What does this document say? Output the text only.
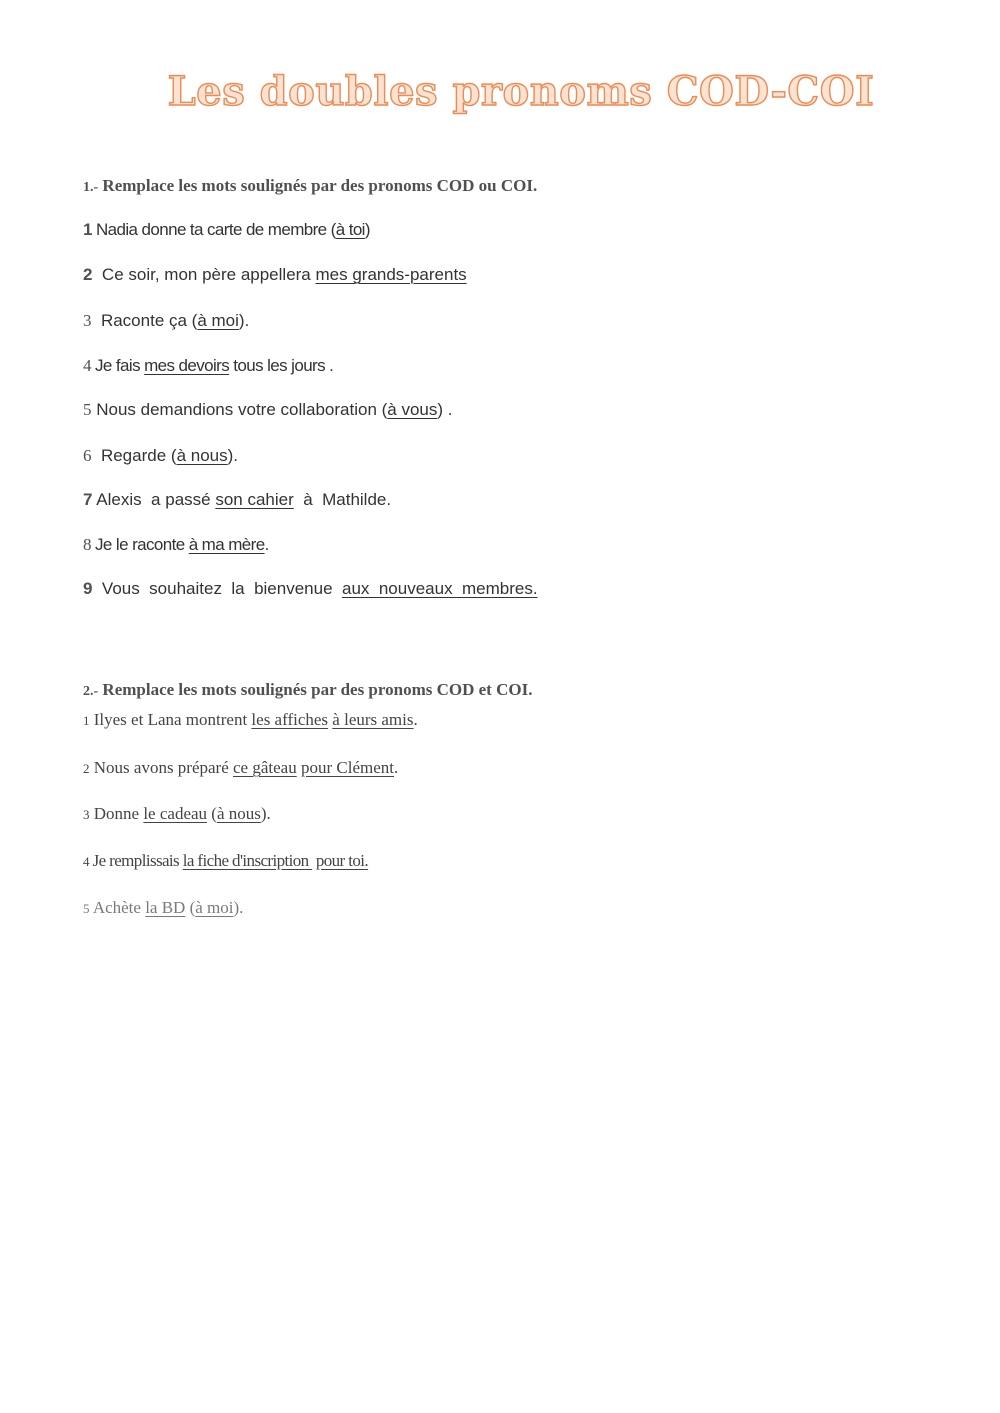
Les doubles pronoms COD-COI
1.- Remplace les mots soulignés par des pronoms COD ou COI.
1 Nadia donne ta carte de membre (à toi)
2 Ce soir, mon père appellera mes grands-parents
3 Raconte ça (à moi).
4 Je fais mes devoirs tous les jours .
5 Nous demandions votre collaboration (à vous) .
6 Regarde (à nous).
7 Alexis  a passé son cahier  à  Mathilde.
8 Je le raconte à ma mère.
9 Vous  souhaitez  la  bienvenue  aux  nouveaux  membres.
2.- Remplace les mots soulignés par des pronoms COD et COI.
1 Ilyes et Lana montrent les affiches à leurs amis.
2 Nous avons préparé ce gâteau pour Clément.
3 Donne le cadeau (à nous).
4 Je remplissais la fiche d'inscription  pour toi.
5 Achète la BD (à moi).
